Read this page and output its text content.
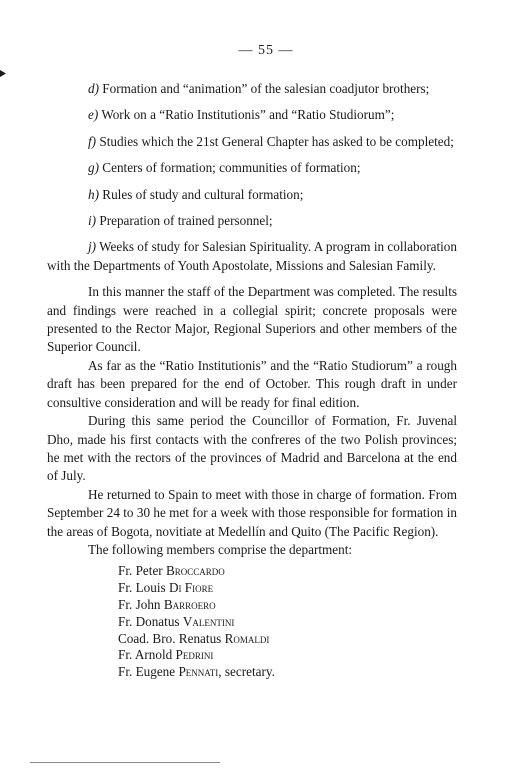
— 55 —

d) Formation and “animation” of the salesian coadjutor brothers;

e) Work on a “Ratio Institutionis” and “Ratio Studiorum”;

f) Studies which the 21st General Chapter has asked to be completed;

g) Centers of formation; communities of formation;

h) Rules of study and cultural formation;

i) Preparation of trained personnel;

j) Weeks of study for Salesian Spirituality. A program in collaboration with the Departments of Youth Apostolate, Missions and Salesian Family.

In this manner the staff of the Department was completed. The results and findings were reached in a collegial spirit; concrete proposals were presented to the Rector Major, Regional Superiors and other members of the Superior Council.

As far as the “Ratio Institutionis” and the “Ratio Studiorum” a rough draft has been prepared for the end of October. This rough draft in under consultive consideration and will be ready for final edition.

During this same period the Councillor of Formation, Fr. Juvenal Dho, made his first contacts with the confreres of the two Polish provinces; he met with the rectors of the provinces of Madrid and Barcelona at the end of July.

He returned to Spain to meet with those in charge of formation. From September 24 to 30 he met for a week with those responsible for formation in the areas of Bogota, novitiate at Medellín and Quito (The Pacific Region).

The following members comprise the department:

Fr. Peter Broccardo
Fr. Louis Di Fiore
Fr. John Barroero
Fr. Donatus Valentini
Coad. Bro. Renatus Romaldi
Fr. Arnold Pedrini
Fr. Eugene Pennati, secretary.
